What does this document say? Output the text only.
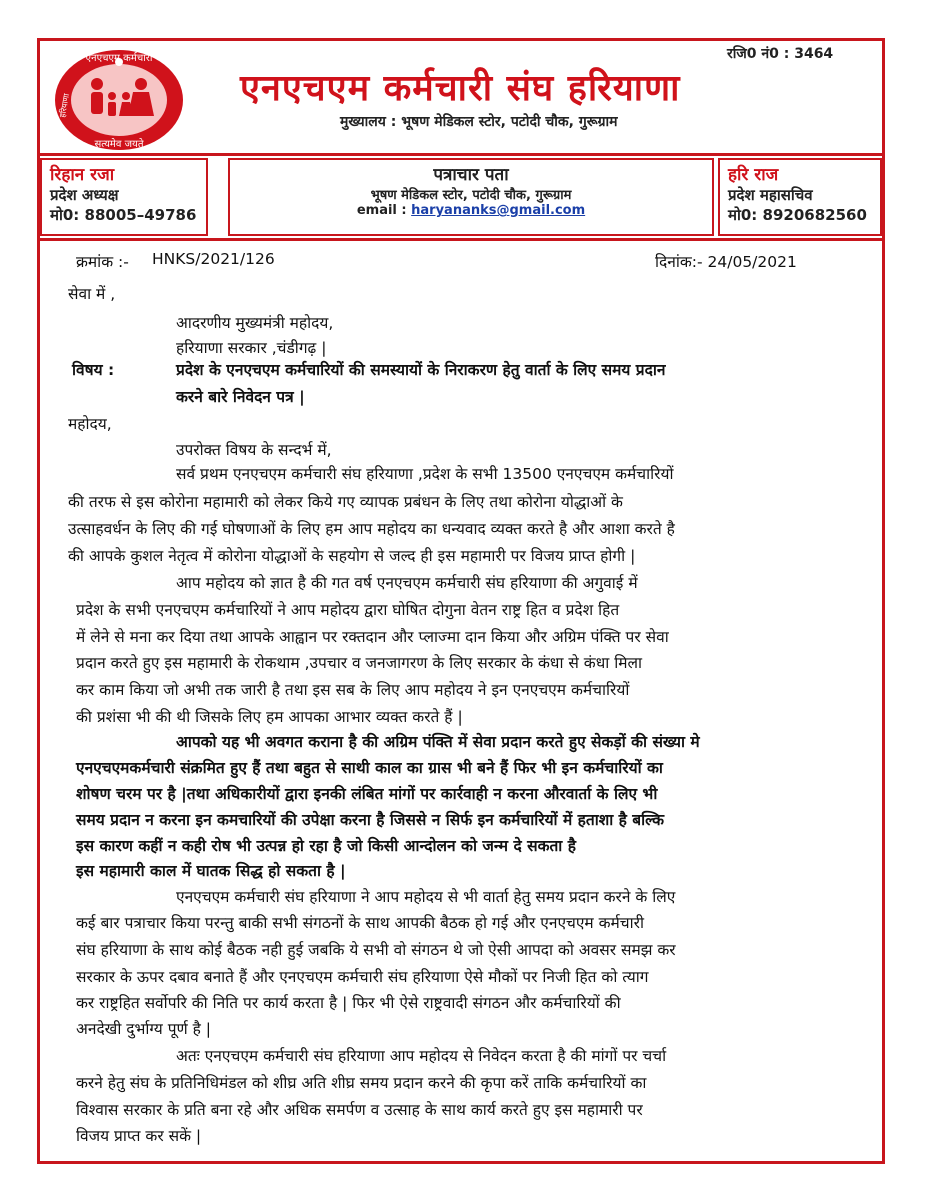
रजि0 नं0 : 3464
एनएचएम कर्मचारी
सत्यमेव जयते
हरियाणा	एनएचएम कर्मचारी संघ हरियाणा
मुख्यालय : भूषण मेडिकल स्टोर, पटोदी चौक, गुरूग्राम
रिहान रजा
प्रदेश अध्यक्ष
मो0: 88005–49786
पत्राचार पता
भूषण मेडिकल स्टोर, पटोदी चौक, गुरूग्राम
email : haryananks@gmail.com
हरि राज
प्रदेश महासचिव
मो0: 8920682560
क्रमांक :- HNKS/2021/126	दिनांक:- 24/05/2021
सेवा में ,
आदरणीय मुख्यमंत्री महोदय,
हरियाणा सरकार ,चंडीगढ़ |
विषय :	प्रदेश के एनएचएम कर्मचारियों की समस्यायों के निराकरण हेतु वार्ता के लिए समय प्रदान
करने बारे निवेदन पत्र |
महोदय,
उपरोक्त विषय के सन्दर्भ में,
सर्व प्रथम एनएचएम कर्मचारी संघ हरियाणा ,प्रदेश के सभी 13500 एनएचएम कर्मचारियों
की तरफ से इस कोरोना महामारी को लेकर किये गए व्यापक प्रबंधन के लिए तथा कोरोना योद्धाओं के
उत्साहवर्धन के लिए की गई घोषणाओं के लिए हम आप महोदय का धन्यवाद व्यक्त करते है और आशा करते है
की आपके कुशल नेतृत्व में कोरोना योद्धाओं के सहयोग से जल्द ही इस महामारी पर विजय प्राप्त होगी |
आप महोदय को ज्ञात है की गत वर्ष एनएचएम कर्मचारी संघ हरियाणा की अगुवाई में
प्रदेश के सभी एनएचएम कर्मचारियों ने आप महोदय द्वारा घोषित दोगुना वेतन राष्ट्र हित व प्रदेश हित
में लेने से मना कर दिया तथा आपके आह्वान पर रक्तदान और प्लाज्मा दान किया और अग्रिम पंक्ति पर सेवा
प्रदान करते हुए इस महामारी के रोकथाम ,उपचार व जनजागरण के लिए सरकार के कंधा से कंधा मिला
कर काम किया जो अभी तक जारी है तथा इस सब के लिए आप महोदय ने इन एनएचएम कर्मचारियों
की प्रशंसा भी की थी जिसके लिए हम आपका आभार व्यक्त करते हैं |
आपको यह भी अवगत कराना है की अग्रिम पंक्ति में सेवा प्रदान करते हुए सेकड़ों की संख्या मे
एनएचएमकर्मचारी संक्रमित हुए हैं तथा बहुत से साथी काल का ग्रास भी बने हैं फिर भी इन कर्मचारियों का
शोषण चरम पर है |तथा अधिकारीयों द्वारा इनकी लंबित मांगों पर कार्रवाही न करना औरवार्ता के लिए भी
समय प्रदान न करना इन कमचारियों की उपेक्षा करना है जिससे न सिर्फ इन कर्मचारियों में हताशा है बल्कि
इस कारण कहीं न कही रोष भी उत्पन्न हो रहा है जो किसी आन्दोलन को जन्म दे सकता है
इस महामारी काल में घातक सिद्ध हो सकता है |
एनएचएम कर्मचारी संघ हरियाणा ने आप महोदय से भी वार्ता हेतु समय प्रदान करने के लिए
कई बार पत्राचार किया परन्तु बाकी सभी संगठनों के साथ आपकी बैठक हो गई और एनएचएम कर्मचारी
संघ हरियाणा के साथ कोई बैठक नही हुई जबकि ये सभी वो संगठन थे जो ऐसी आपदा को अवसर समझ कर
सरकार के ऊपर दबाव बनाते हैं और एनएचएम कर्मचारी संघ हरियाणा ऐसे मौकों पर निजी हित को त्याग
कर राष्ट्रहित सर्वोपरि की निति पर कार्य करता है | फिर भी ऐसे राष्ट्रवादी संगठन और कर्मचारियों की
अनदेखी दुर्भाग्य पूर्ण है |
अतः एनएचएम कर्मचारी संघ हरियाणा आप महोदय से निवेदन करता है की मांगों पर चर्चा
करने हेतु संघ के प्रतिनिधिमंडल को शीघ्र अति शीघ्र समय प्रदान करने की कृपा करें ताकि कर्मचारियों का
विश्वास सरकार के प्रति बना रहे और अधिक समर्पण व उत्साह के साथ कार्य करते हुए इस महामारी पर
विजय प्राप्त कर सकें |
